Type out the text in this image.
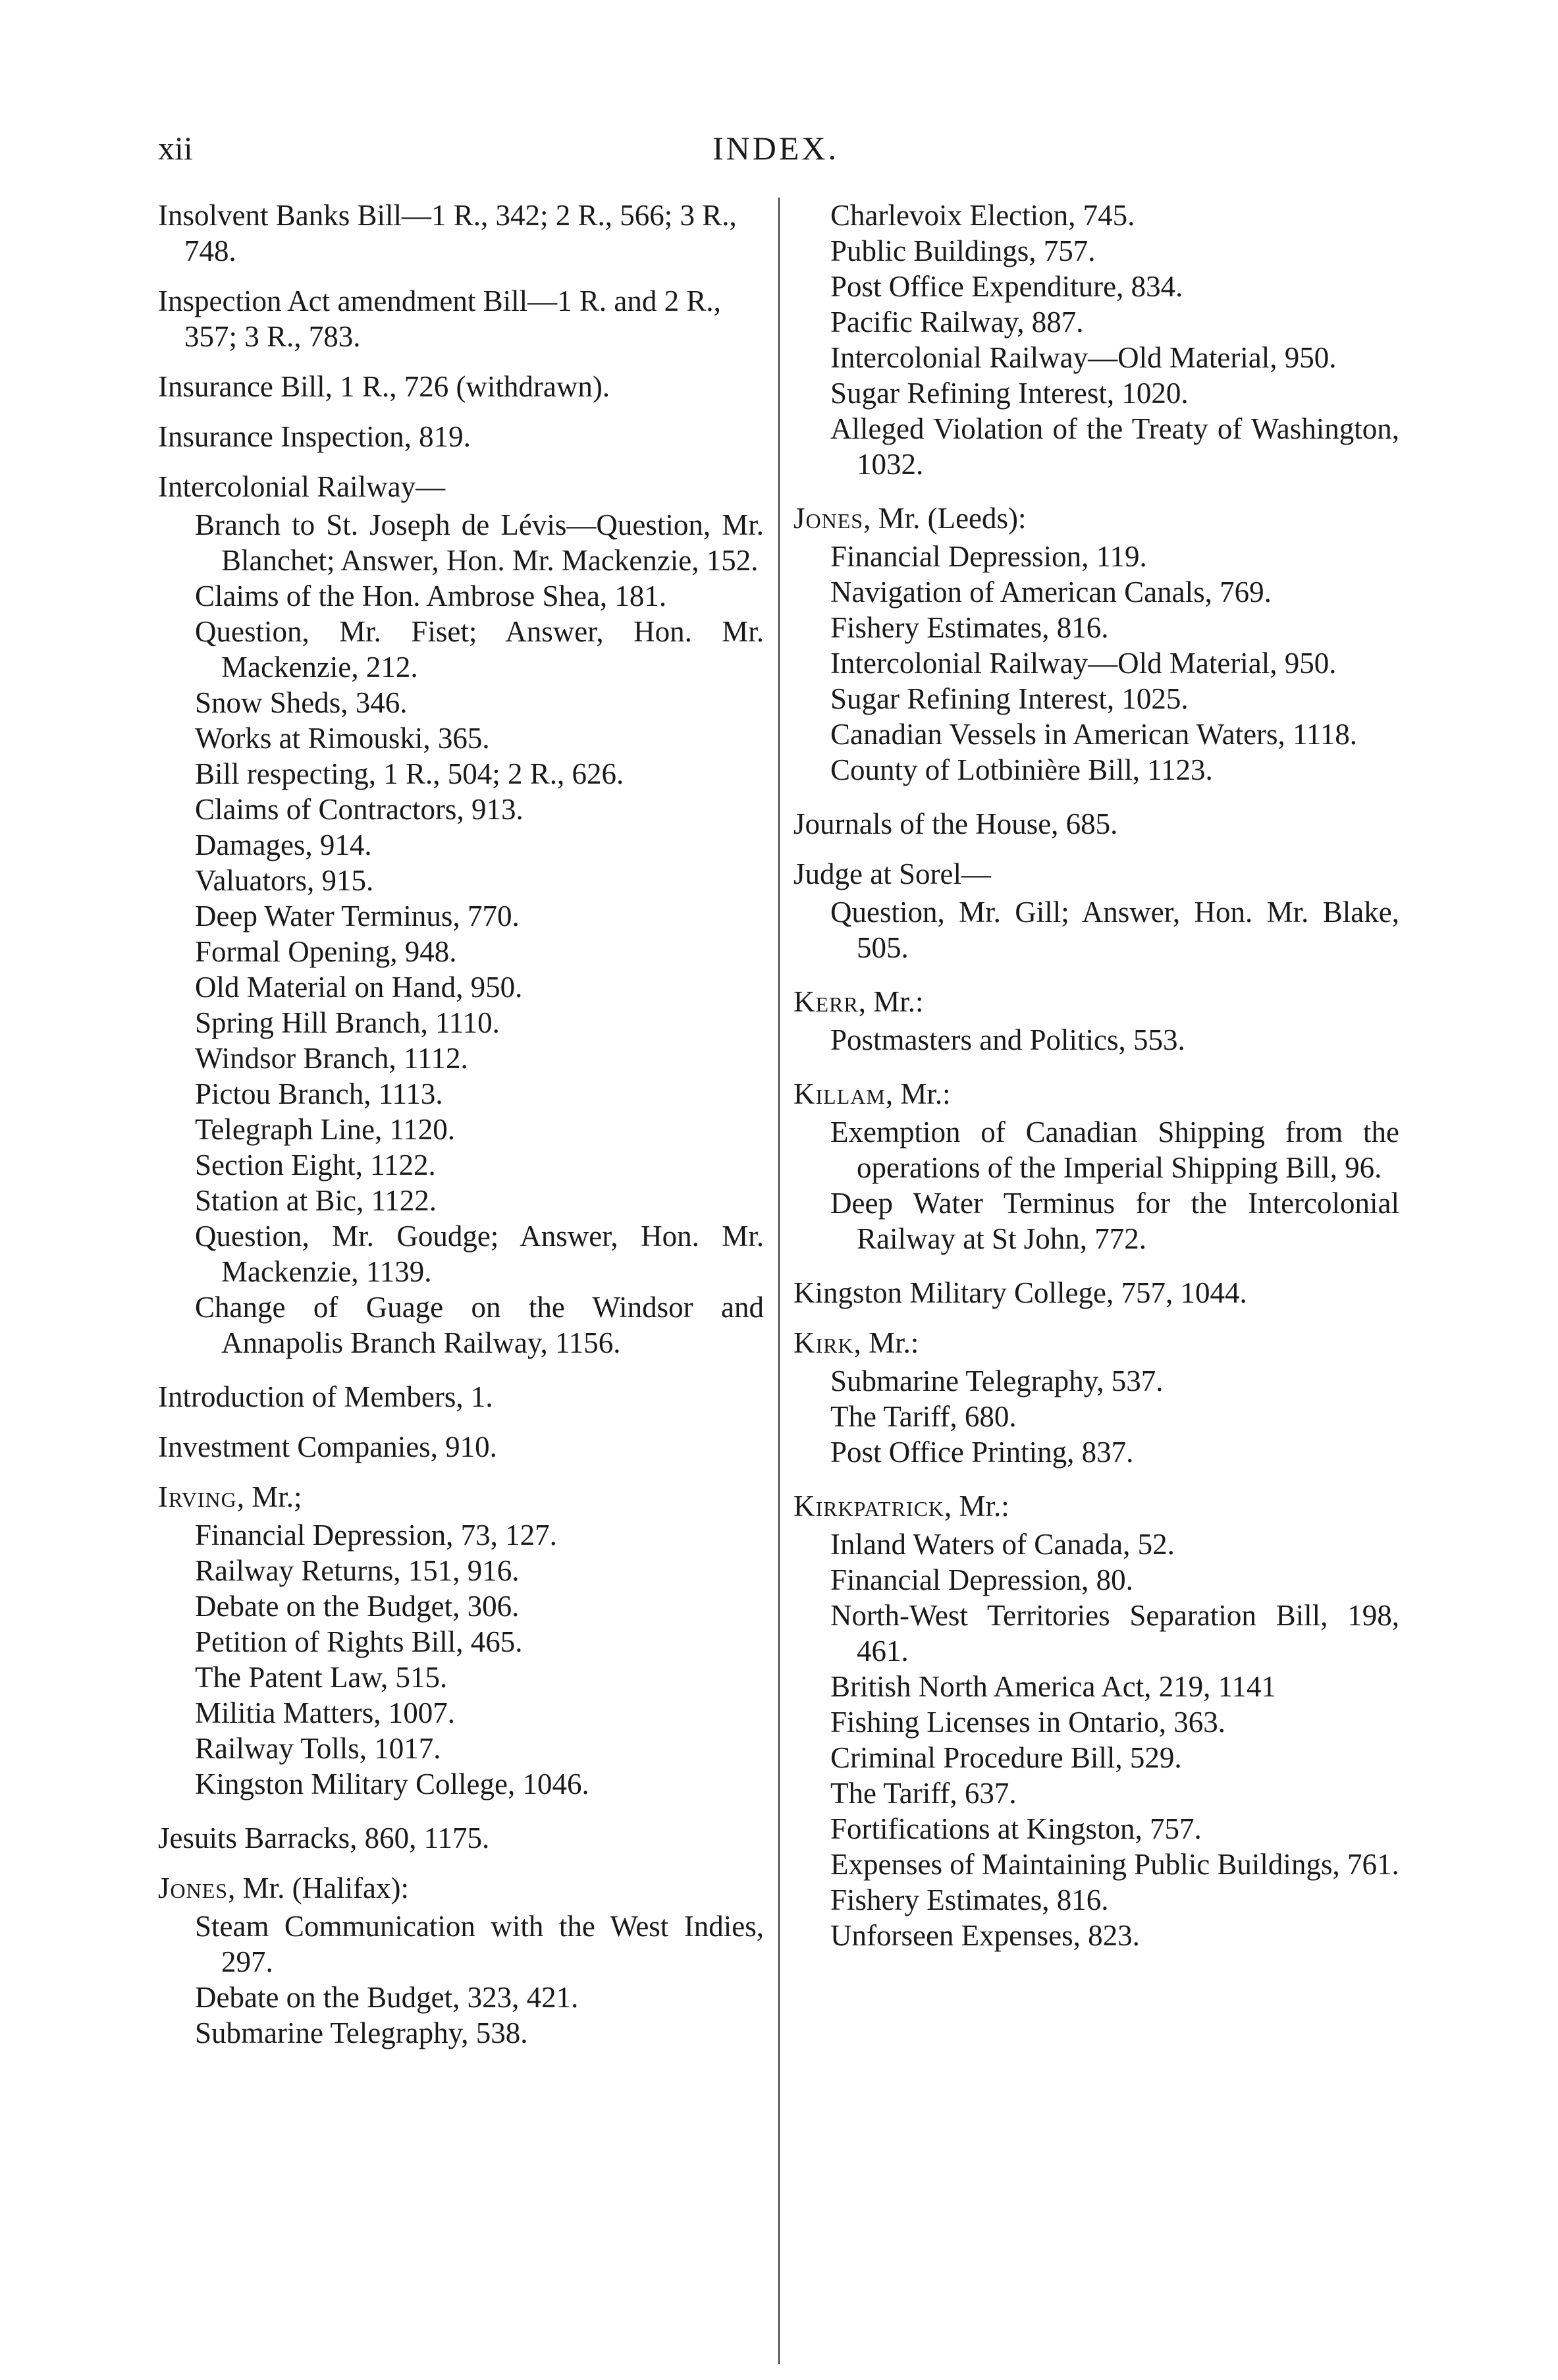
xii	INDEX.
Insolvent Banks Bill—1 R., 342; 2 R., 566; 3 R., 748.
Inspection Act amendment Bill—1 R. and 2 R., 357; 3 R., 783.
Insurance Bill, 1 R., 726 (withdrawn).
Insurance Inspection, 819.
Intercolonial Railway—
Branch to St. Joseph de Lévis—Question, Mr. Blanchet; Answer, Hon. Mr. Mackenzie, 152.
Claims of the Hon. Ambrose Shea, 181.
Question, Mr. Fiset; Answer, Hon. Mr. Mackenzie, 212.
Snow Sheds, 346.
Works at Rimouski, 365.
Bill respecting, 1 R., 504; 2 R., 626.
Claims of Contractors, 913.
Damages, 914.
Valuators, 915.
Deep Water Terminus, 770.
Formal Opening, 948.
Old Material on Hand, 950.
Spring Hill Branch, 1110.
Windsor Branch, 1112.
Pictou Branch, 1113.
Telegraph Line, 1120.
Section Eight, 1122.
Station at Bic, 1122.
Question, Mr. Goudge; Answer, Hon. Mr. Mackenzie, 1139.
Change of Guage on the Windsor and Annapolis Branch Railway, 1156.
Introduction of Members, 1.
Investment Companies, 910.
Irving, Mr.;
Financial Depression, 73, 127.
Railway Returns, 151, 916.
Debate on the Budget, 306.
Petition of Rights Bill, 465.
The Patent Law, 515.
Militia Matters, 1007.
Railway Tolls, 1017.
Kingston Military College, 1046.
Jesuits Barracks, 860, 1175.
Jones, Mr. (Halifax):
Steam Communication with the West Indies, 297.
Debate on the Budget, 323, 421.
Submarine Telegraphy, 538.
Charlevoix Election, 745.
Public Buildings, 757.
Post Office Expenditure, 834.
Pacific Railway, 887.
Intercolonial Railway—Old Material, 950.
Sugar Refining Interest, 1020.
Alleged Violation of the Treaty of Washington, 1032.
Jones, Mr. (Leeds):
Financial Depression, 119.
Navigation of American Canals, 769.
Fishery Estimates, 816.
Intercolonial Railway—Old Material, 950.
Sugar Refining Interest, 1025.
Canadian Vessels in American Waters, 1118.
County of Lotbinière Bill, 1123.
Journals of the House, 685.
Judge at Sorel—
Question, Mr. Gill; Answer, Hon. Mr. Blake, 505.
Kerr, Mr.:
Postmasters and Politics, 553.
Killam, Mr.:
Exemption of Canadian Shipping from the operations of the Imperial Shipping Bill, 96.
Deep Water Terminus for the Intercolonial Railway at St John, 772.
Kingston Military College, 757, 1044.
Kirk, Mr.:
Submarine Telegraphy, 537.
The Tariff, 680.
Post Office Printing, 837.
Kirkpatrick, Mr.:
Inland Waters of Canada, 52.
Financial Depression, 80.
North-West Territories Separation Bill, 198, 461.
British North America Act, 219, 1141
Fishing Licenses in Ontario, 363.
Criminal Procedure Bill, 529.
The Tariff, 637.
Fortifications at Kingston, 757.
Expenses of Maintaining Public Buildings, 761.
Fishery Estimates, 816.
Unforseen Expenses, 823.
